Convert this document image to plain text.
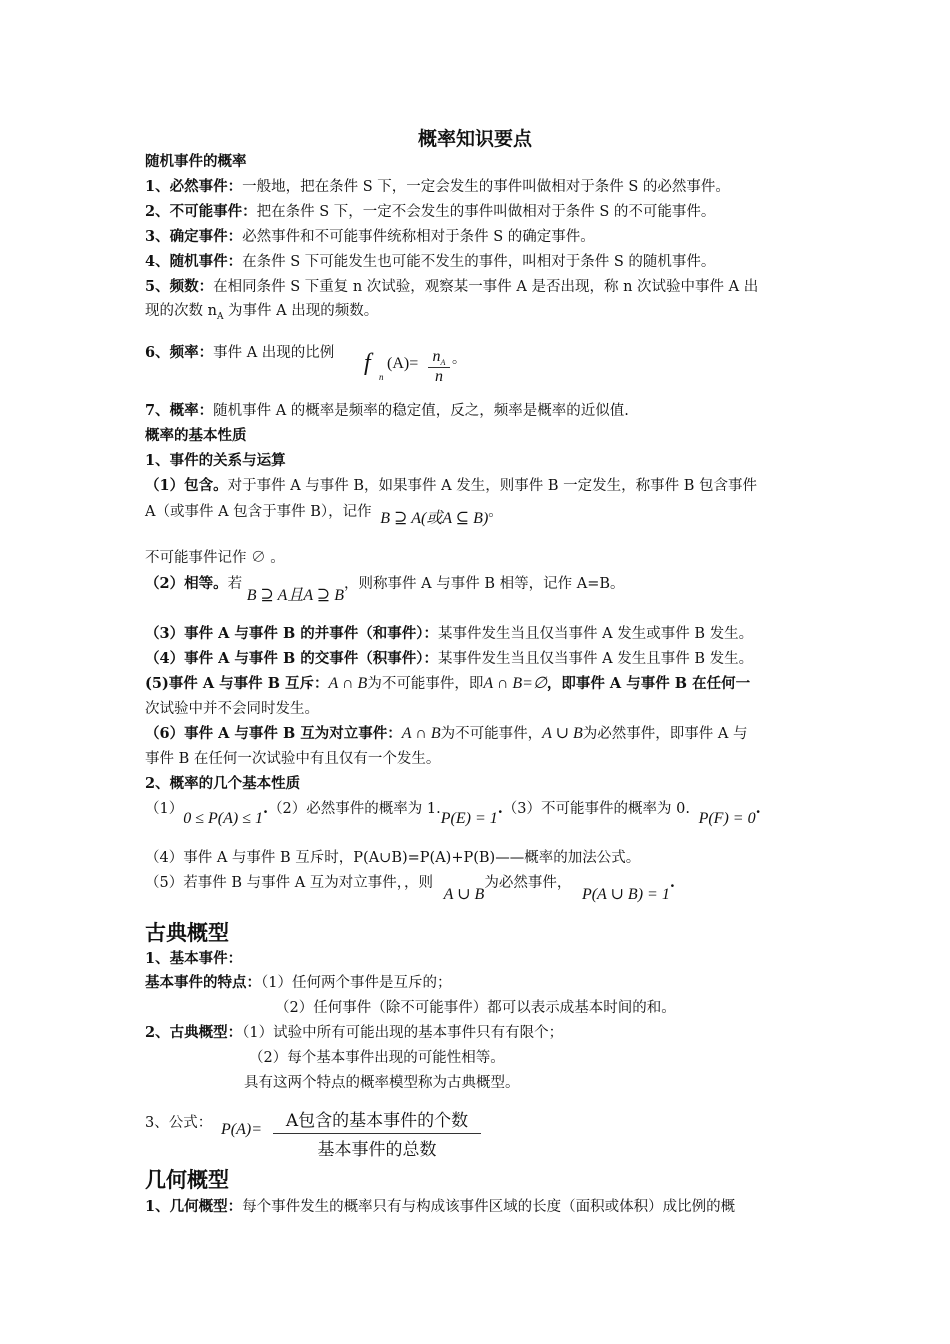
概率知识要点
随机事件的概率
1、必然事件：一般地，把在条件 S 下，一定会发生的事件叫做相对于条件 S 的必然事件。
2、不可能事件：把在条件 S 下，一定不会发生的事件叫做相对于条件 S 的不可能事件。
3、确定事件：必然事件和不可能事件统称相对于条件 S 的确定事件。
4、随机事件：在条件 S 下可能发生也可能不发生的事件，叫相对于条件 S 的随机事件。
5、频数：在相同条件 S 下重复 n 次试验，观察某一事件 A 是否出现，称 n 次试验中事件 A 出
现的次数 $n_A$ 为事件 A 出现的频数。
6、频率：事件 A 出现的比例 f
n
$(A)= n_A$
n
。
7、概率：随机事件 A 的概率是频率的稳定值，反之，频率是概率的近似值.
概率的基本性质
1、事件的关系与运算
（1）包含。对于事件 A 与事件 B，如果事件 A 发生，则事件 B 一定发生，称事件 B 包含事件
A（或事件 A 包含于事件 B），记作 B ⊇ A(或A ⊆ B)。
不可能事件记作 ∅ 。
（2）相等。若 B ⊇ A且A ⊇ B，则称事件 A 与事件 B 相等，记作 A=B。
（3）事件 A 与事件 B 的并事件（和事件）：某事件发生当且仅当事件 A 发生或事件 B 发生。
（4）事件 A 与事件 B 的交事件（积事件）：某事件发生当且仅当事件 A 发生且事件 B 发生。
(5)事件 A 与事件 B 互斥：A ∩ B为不可能事件，即A ∩ B=∅，即事件 A 与事件 B 在任何一
次试验中并不会同时发生。
（6）事件 A 与事件 B 互为对立事件：A ∩ B为不可能事件，A ∪ B为必然事件，即事件 A 与
事件 B 在任何一次试验中有且仅有一个发生。
2、概率的几个基本性质
（1）0 ≤ P(A) ≤ 1.（2）必然事件的概率为 1.P(E) = 1.（3）不可能事件的概率为 0. P(F) = 0.
（4）事件 A 与事件 B 互斥时，P(A∪B)=P(A)+P(B)——概率的加法公式。
（5）若事件 B 与事件 A 互为对立事件，，则 A ∪ B为必然事件， P(A ∪ B) = 1.
古典概型
1、基本事件：
基本事件的特点：（1）任何两个事件是互斥的；
（2）任何事件（除不可能事件）都可以表示成基本时间的和。
2、古典概型：（1）试验中所有可能出现的基本事件只有有限个；
（2）每个基本事件出现的可能性相等。
具有这两个特点的概率模型称为古典概型。
3、公式： P(A)=	A包含的基本事件的个数
基本事件的总数
几何概型
1、几何概型：每个事件发生的概率只有与构成该事件区域的长度（面积或体积）成比例的概
